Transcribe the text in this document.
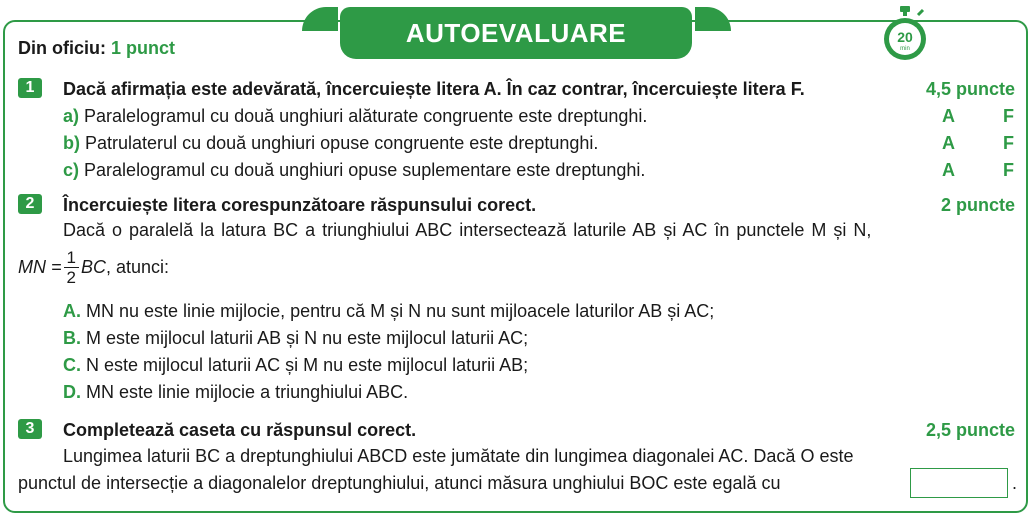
AUTOEVALUARE	20
min
Din oficiu: 1 punct
1	Dacă afirmația este adevărată, încercuiește litera A. În caz contrar, încercuiește litera F.	4,5 puncte
a) Paralelogramul cu două unghiuri alăturate congruente este dreptunghi.	A	F
b) Patrulaterul cu două unghiuri opuse congruente este dreptunghi.	A	F
c) Paralelogramul cu două unghiuri opuse suplementare este dreptunghi.	A	F
2	Încercuiește litera corespunzătoare răspunsului corect.	2 puncte
Dacă o paralelă la latura BC a triunghiului ABC intersectează laturile AB și AC în punctele M și N,
MN = $\frac{1}{2}$ BC , atunci:
A. MN nu este linie mijlocie, pentru că M și N nu sunt mijloacele laturilor AB și AC;
B. M este mijlocul laturii AB și N nu este mijlocul laturii AC;
C. N este mijlocul laturii AC și M nu este mijlocul laturii AB;
D. MN este linie mijlocie a triunghiului ABC.
3	Completează caseta cu răspunsul corect.	2,5 puncte
Lungimea laturii BC a dreptunghiului ABCD este jumătate din lungimea diagonalei AC. Dacă O este
punctul de intersecție a diagonalelor dreptunghiului, atunci măsura unghiului BOC este egală cu	.
